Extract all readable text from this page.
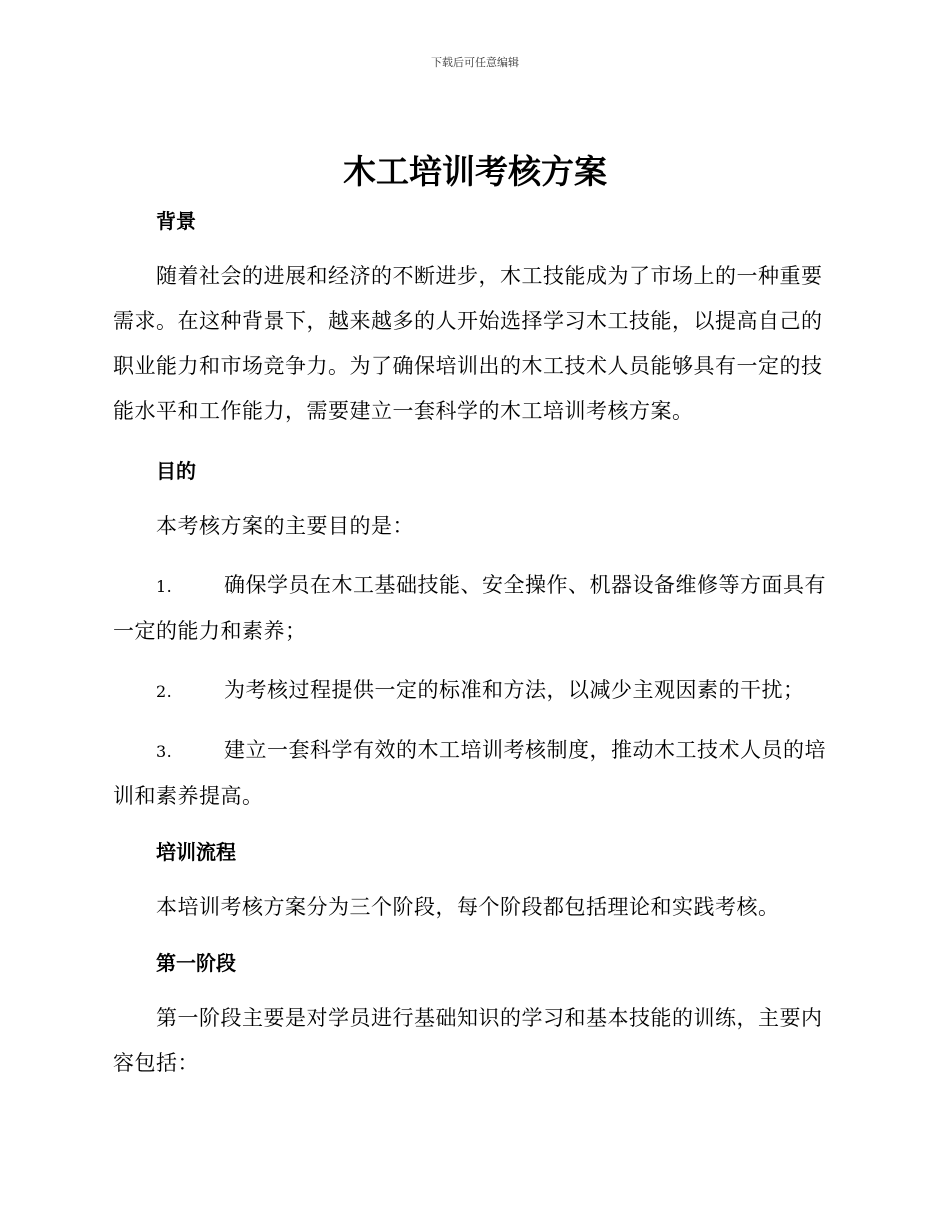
下载后可任意编辑
木工培训考核方案
背景

随着社会的进展和经济的不断进步，木工技能成为了市场上的一种重要需求。在这种背景下，越来越多的人开始选择学习木工技能，以提高自己的职业能力和市场竞争力。为了确保培训出的木工技术人员能够具有一定的技能水平和工作能力，需要建立一套科学的木工培训考核方案。

目的

本考核方案的主要目的是：

1. 确保学员在木工基础技能、安全操作、机器设备维修等方面具有一定的能力和素养；

2. 为考核过程提供一定的标准和方法，以减少主观因素的干扰；

3. 建立一套科学有效的木工培训考核制度，推动木工技术人员的培训和素养提高。

培训流程

本培训考核方案分为三个阶段，每个阶段都包括理论和实践考核。

第一阶段

第一阶段主要是对学员进行基础知识的学习和基本技能的训练，主要内容包括：
